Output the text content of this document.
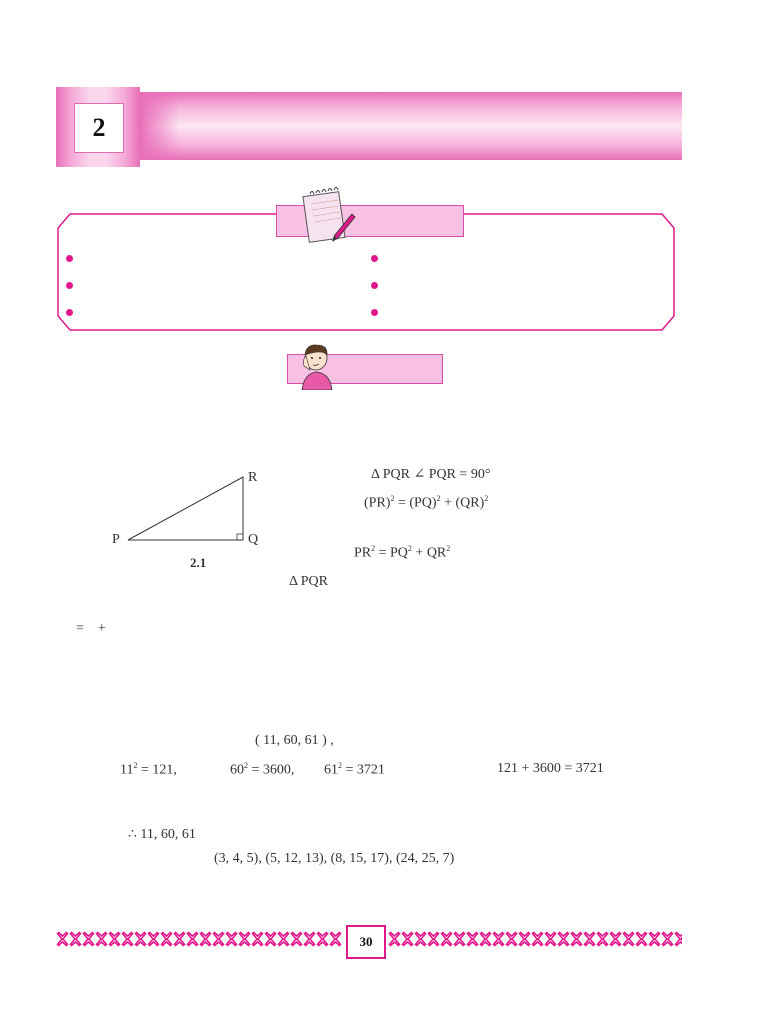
2
P	Q
R
2.1
Δ PQR ∠ PQR = 90°
(PR)$^2$ = (PQ)$^2$ + (QR)$^2$
$PR^2 = PQ^2 + QR^2$
Δ PQR
=    +
( 11, 60, 61 ) ,
$11^2 = 121$,	$60^2 = 3600$, $61^2 = 3721$	121 + 3600 = 3721
∴ 11, 60, 61
(3, 4, 5), (5, 12, 13), (8, 15, 17), (24, 25, 7)
30
